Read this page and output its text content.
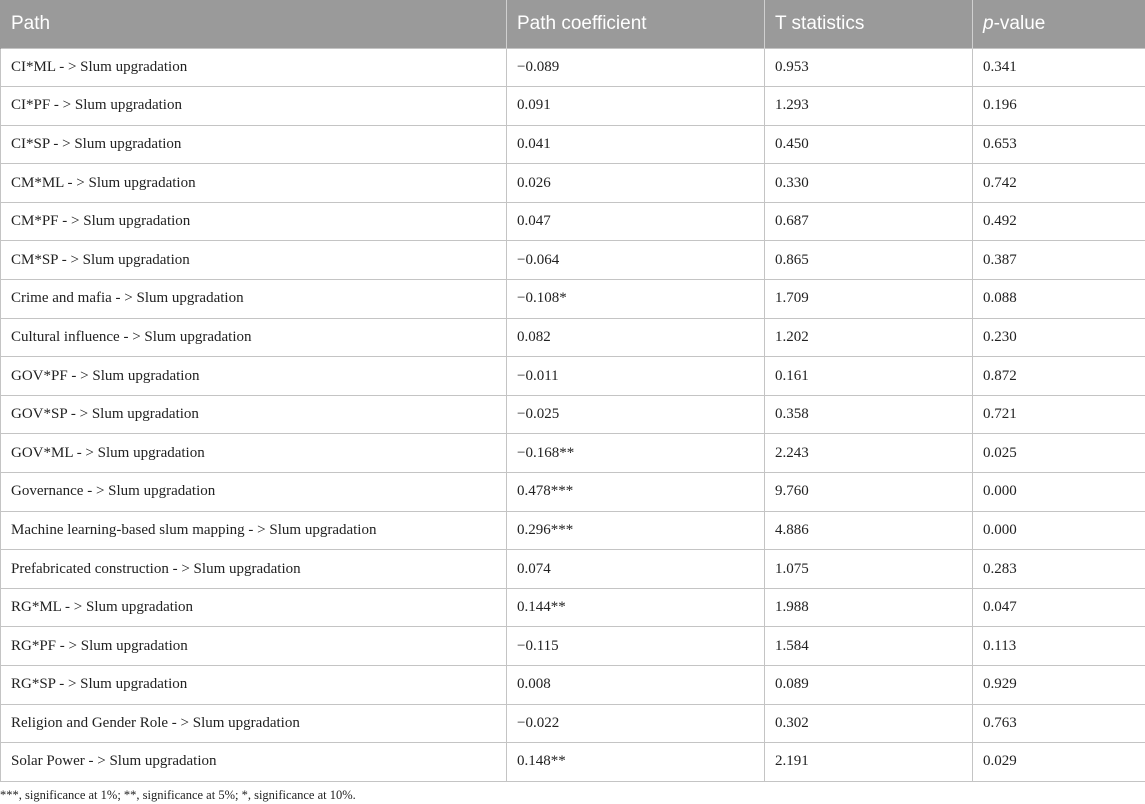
Path	Path coefficient	T statistics	p-value
CI*ML - > Slum upgradation	−0.089	0.953	0.341
CI*PF - > Slum upgradation	0.091	1.293	0.196
CI*SP - > Slum upgradation	0.041	0.450	0.653
CM*ML - > Slum upgradation	0.026	0.330	0.742
CM*PF - > Slum upgradation	0.047	0.687	0.492
CM*SP - > Slum upgradation	−0.064	0.865	0.387
Crime and mafia - > Slum upgradation	−0.108*	1.709	0.088
Cultural influence - > Slum upgradation	0.082	1.202	0.230
GOV*PF - > Slum upgradation	−0.011	0.161	0.872
GOV*SP - > Slum upgradation	−0.025	0.358	0.721
GOV*ML - > Slum upgradation	−0.168**	2.243	0.025
Governance - > Slum upgradation	0.478***	9.760	0.000
Machine learning-based slum mapping - > Slum upgradation	0.296***	4.886	0.000
Prefabricated construction - > Slum upgradation	0.074	1.075	0.283
RG*ML - > Slum upgradation	0.144**	1.988	0.047
RG*PF - > Slum upgradation	−0.115	1.584	0.113
RG*SP - > Slum upgradation	0.008	0.089	0.929
Religion and Gender Role - > Slum upgradation	−0.022	0.302	0.763
Solar Power - > Slum upgradation	0.148**	2.191	0.029
***, significance at 1%; **, significance at 5%; *, significance at 10%.
